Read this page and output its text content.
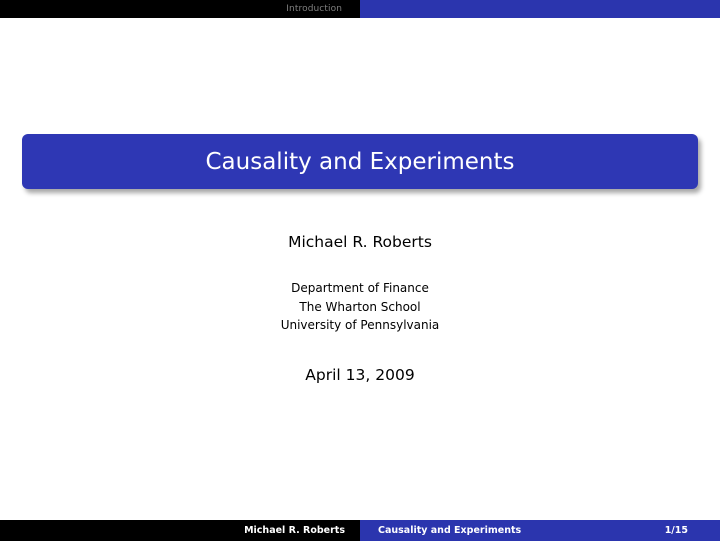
Introduction
Causality and Experiments
Michael R. Roberts
Department of Finance
The Wharton School
University of Pennsylvania
April 13, 2009
Michael R. Roberts	Causality and Experiments	1/15
